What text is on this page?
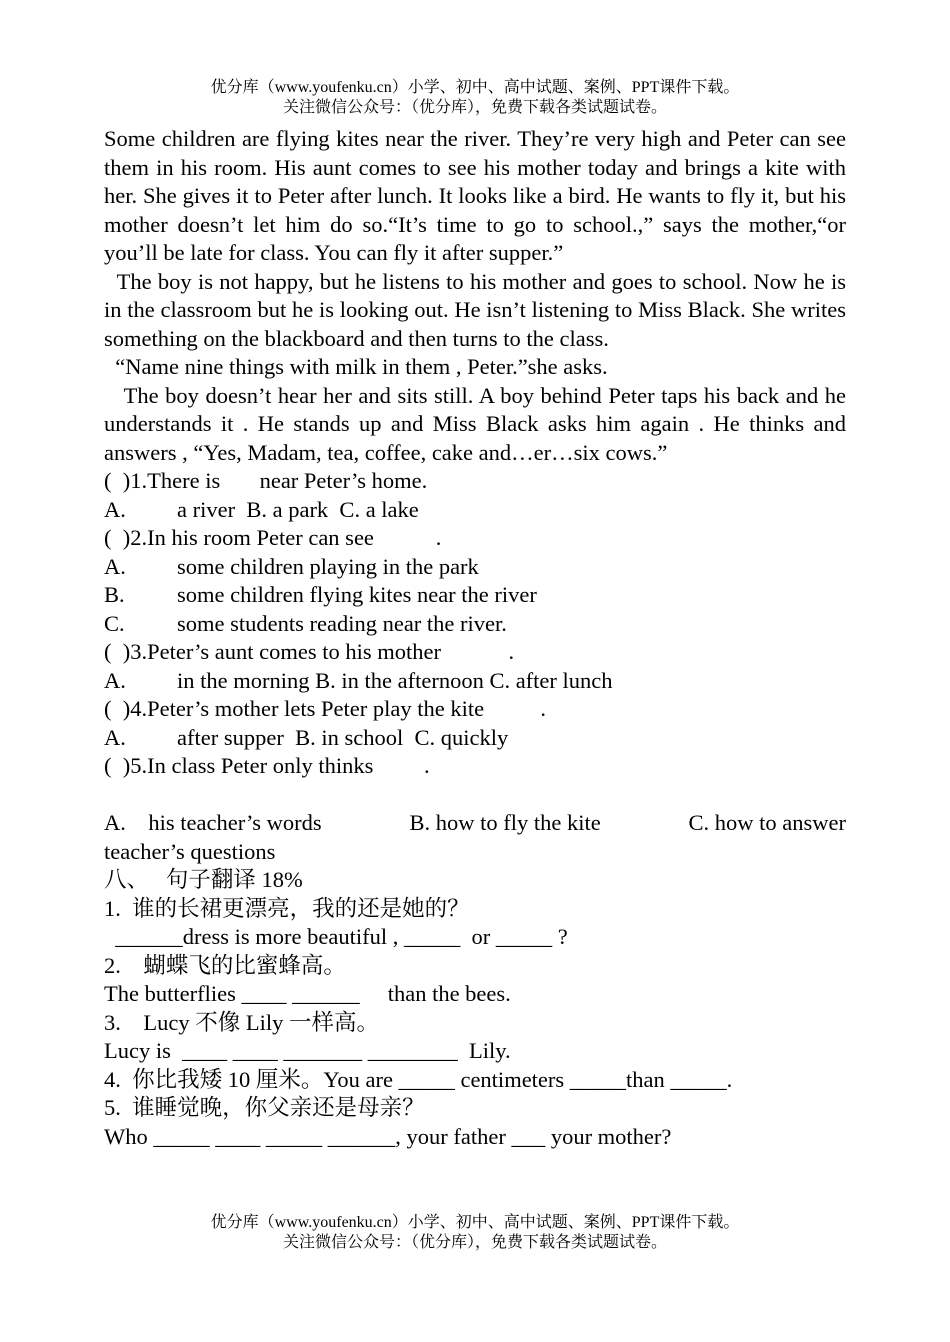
优分库（www.youfenku.cn）小学、初中、高中试题、案例、PPT课件下载。
关注微信公众号：（优分库），免费下载各类试题试卷。
Some children are flying kites near the river. They’re very high and Peter can see them in his room. His aunt comes to see his mother today and brings a kite with her. She gives it to Peter after lunch. It looks like a bird. He wants to fly it, but his mother doesn’t let him do so.“It’s time to go to school.,” says the mother,“or you’ll be late for class. You can fly it after supper.”
The boy is not happy, but he listens to his mother and goes to school. Now he is in the classroom but he is looking out. He isn’t listening to Miss Black. She writes something on the blackboard and then turns to the class.
“Name nine things with milk in them , Peter.”she asks.
The boy doesn’t hear her and sits still. A boy behind Peter taps his back and he understands it . He stands up and Miss Black asks him again . He thinks and answers , “Yes, Madam, tea, coffee, cake and…er…six cows.”
(  )1.There is       near Peter’s home.
A.	a river  B. a park  C. a lake
(  )2.In his room Peter can see           .
A.	some children playing in the park
B.	some children flying kites near the river
C.	some students reading near the river.
(  )3.Peter’s aunt comes to his mother            .
A.	in the morning B. in the afternoon C. after lunch
(  )4.Peter’s mother lets Peter play the kite          .
A.	after supper  B. in school  C. quickly
(  )5.In class Peter only thinks         .
A.    his teacher’s words	B. how to fly the kite	C. how to answer
teacher’s questions
八、   句子翻译 18%
1.  谁的长裙更漂亮，我的还是她的？
______dress is more beautiful , _____  or _____ ?
2.    蝴蝶飞的比蜜蜂高。
The butterflies ____ ______     than the bees.
3.    Lucy 不像 Lily 一样高。
Lucy is  ____ ____ _______ ________  Lily.
4.  你比我矮 10 厘米。You are _____ centimeters _____than _____.
5.  谁睡觉晚，你父亲还是母亲？
Who _____ ____ _____ ______, your father ___ your mother?
优分库（www.youfenku.cn）小学、初中、高中试题、案例、PPT课件下载。
关注微信公众号：（优分库），免费下载各类试题试卷。
